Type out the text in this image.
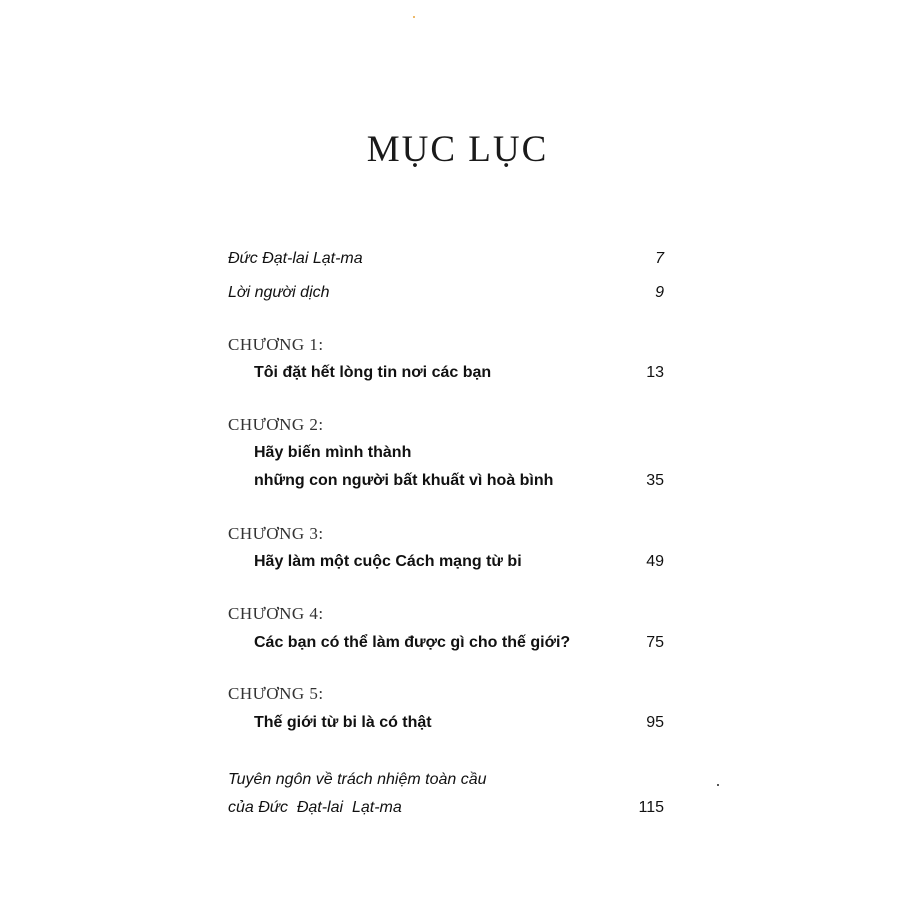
MỤC LỤC
Đức Đạt-lai Lạt-ma	7
Lời người dịch	9
CHƯƠNG 1:
Tôi đặt hết lòng tin nơi các bạn	13
CHƯƠNG 2:
Hãy biến mình thành
những con người bất khuất vì hoà bình	35
CHƯƠNG 3:
Hãy làm một cuộc Cách mạng từ bi	49
CHƯƠNG 4:
Các bạn có thể làm được gì cho thế giới?	75
CHƯƠNG 5:
Thế giới từ bi là có thật	95
Tuyên ngôn về trách nhiệm toàn cầu
của Đức  Đạt-lai  Lạt-ma	115
